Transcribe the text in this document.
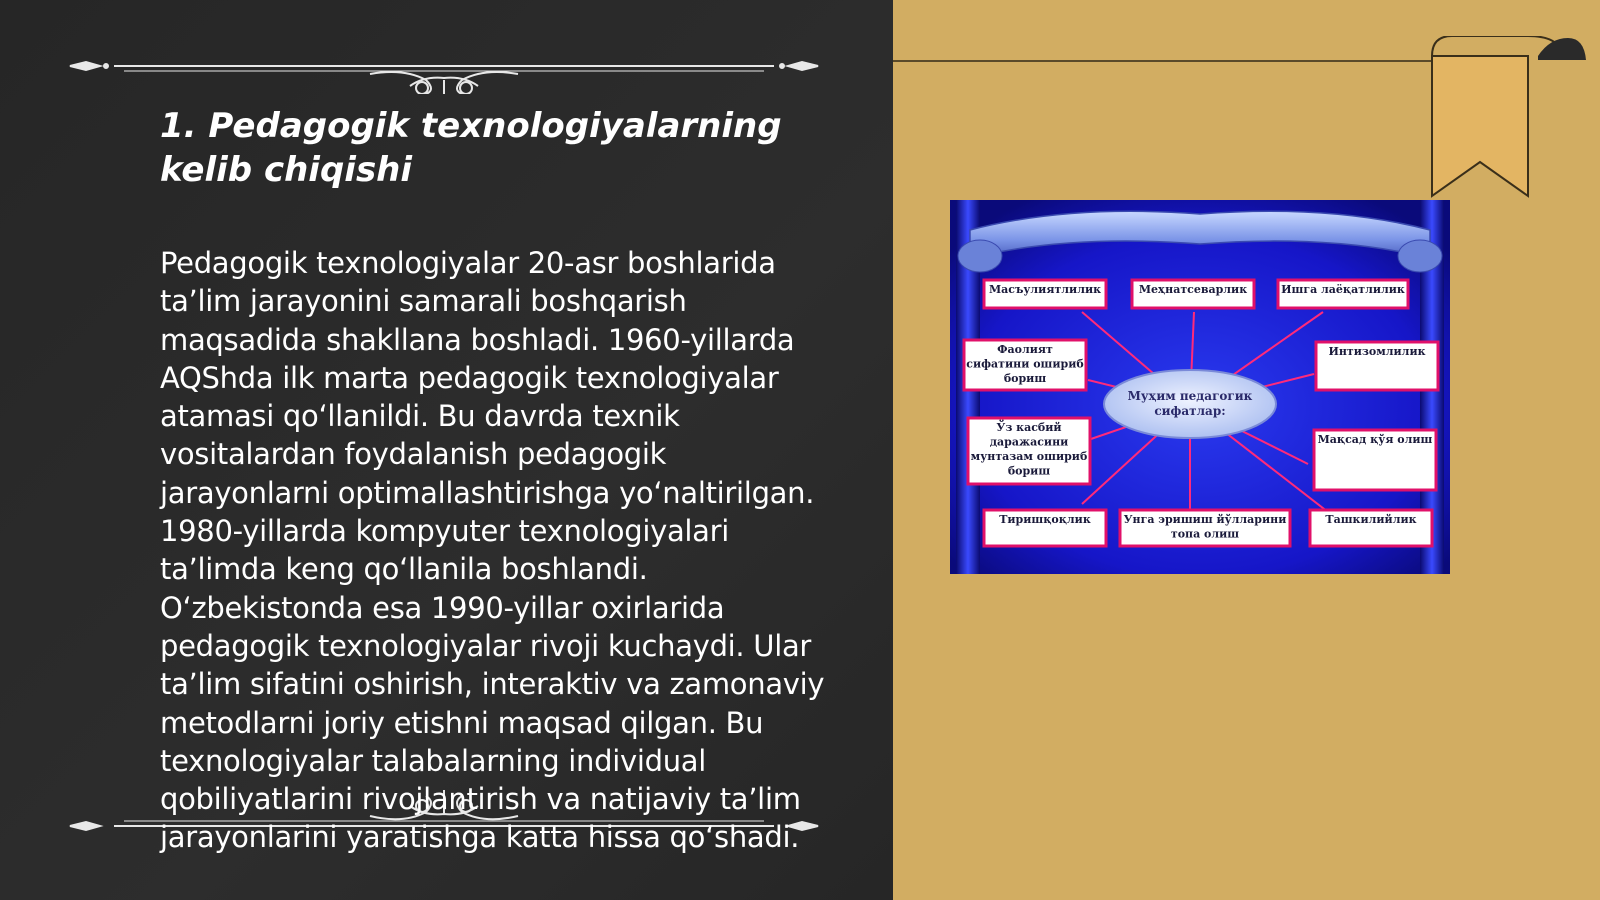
1. Pedagogik texnologiyalarning kelib chiqishi

Pedagogik texnologiyalar 20-asr boshlarida ta’lim jarayonini samarali boshqarish maqsadida shakllana boshladi. 1960-yillarda AQShda ilk marta pedagogik texnologiyalar atamasi qo‘llanildi. Bu davrda texnik vositalardan foydalanish pedagogik jarayonlarni optimallashtirishga yo‘naltirilgan. 1980-yillarda kompyuter texnologiyalari ta’limda keng qo‘llanila boshlandi. O‘zbekistonda esa 1990-yillar oxirlarida pedagogik texnologiyalar rivoji kuchaydi. Ular ta’lim sifatini oshirish, interaktiv va zamonaviy metodlarni joriy etishni maqsad qilgan. Bu texnologiyalar talabalarning individual qobiliyatlarini rivojlantirish va natijaviy ta’lim jarayonlarini yaratishga katta hissa qo‘shadi.

Муҳим педагогик
сифатлар:
Масъулиятлилик	Меҳнатсеварлик	Ишга лаёқатлилик
Фаолият
сифатини ошириб
бориш
Интизомлилик
Ўз касбий
даражасини
мунтазам ошириб
бориш
Мақсад қўя олиш
Тиришқоқлик	Унга эришиш йўлларини
топа олиш
Ташкилийлик
